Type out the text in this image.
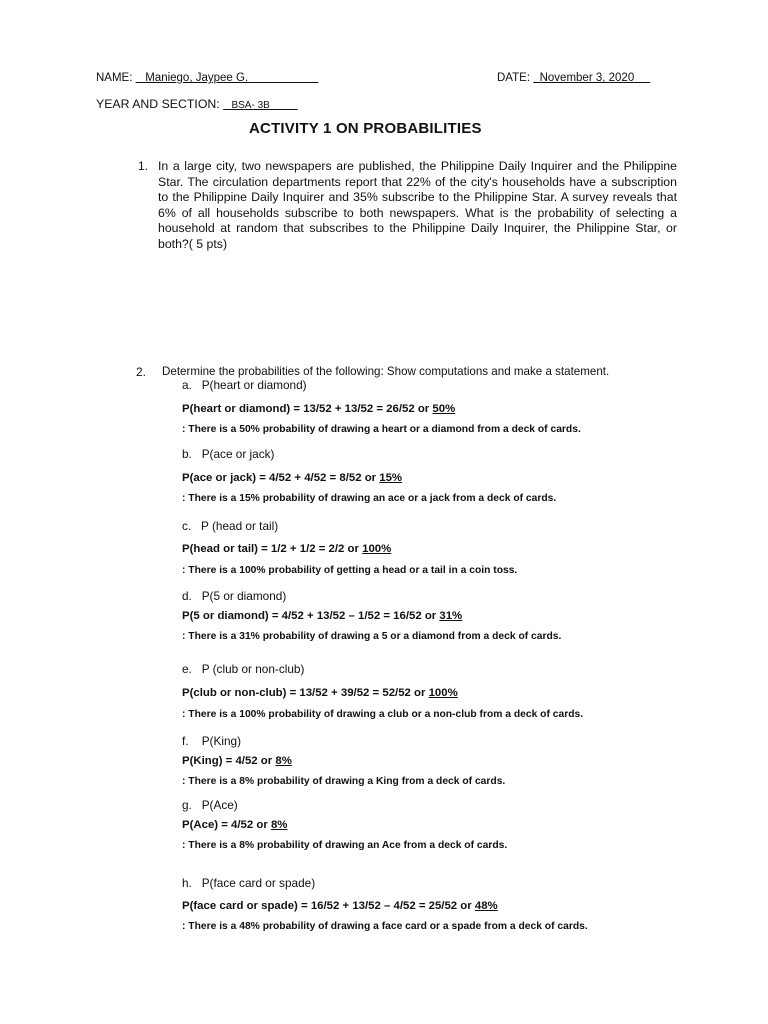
NAME: Maniego, Jaypee G.	DATE: November 3, 2020
YEAR AND SECTION: BSA- 3B
ACTIVITY 1 ON PROBABILITIES
1. In a large city, two newspapers are published, the Philippine Daily Inquirer and the Philippine Star. The circulation departments report that 22% of the city's households have a subscription to the Philippine Daily Inquirer and 35% subscribe to the Philippine Star. A survey reveals that 6% of all households subscribe to both newspapers. What is the probability of selecting a household at random that subscribes to the Philippine Daily Inquirer, the Philippine Star, or both?( 5 pts)
2. Determine the probabilities of the following: Show computations and make a statement.
a. P(heart or diamond)
P(heart or diamond) = 13/52 + 13/52 = 26/52 or 50%
: There is a 50% probability of drawing a heart or a diamond from a deck of cards.
b. P(ace or jack)
P(ace or jack) = 4/52 + 4/52 = 8/52 or 15%
: There is a 15% probability of drawing an ace or a jack from a deck of cards.
c. P (head or tail)
P(head or tail) = 1/2 + 1/2 = 2/2 or 100%
: There is a 100% probability of getting a head or a tail in a coin toss.
d. P(5 or diamond)
P(5 or diamond) = 4/52 + 13/52 – 1/52 = 16/52 or 31%
: There is a 31% probability of drawing a 5 or a diamond from a deck of cards.
e. P (club or non-club)
P(club or non-club) = 13/52 + 39/52 = 52/52 or 100%
: There is a 100% probability of drawing a club or a non-club from a deck of cards.
f. P(King)
P(King) = 4/52 or 8%
: There is a 8% probability of drawing a King from a deck of cards.
g. P(Ace)
P(Ace) = 4/52 or 8%
: There is a 8% probability of drawing an Ace from a deck of cards.
h. P(face card or spade)
P(face card or spade) = 16/52 + 13/52 – 4/52 = 25/52 or 48%
: There is a 48% probability of drawing a face card or a spade from a deck of cards.
